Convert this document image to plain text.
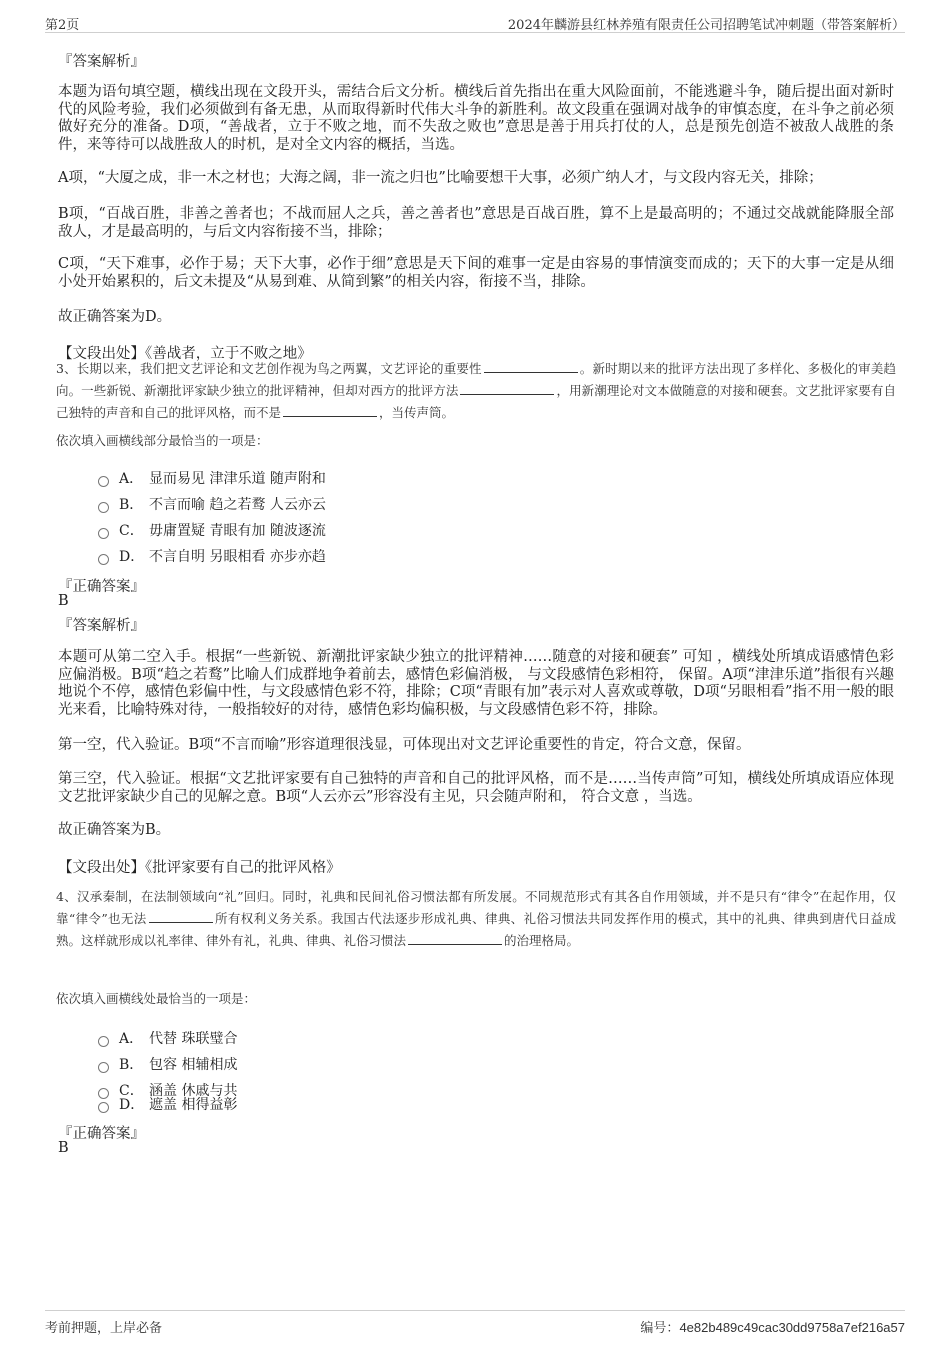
第2页	2024年麟游县红林养殖有限责任公司招聘笔试冲刺题（带答案解析）
『答案解析』

本题为语句填空题，横线出现在文段开头，需结合后文分析。横线后首先指出在重大风险面前，不能逃避斗争，随后提出面对新时代的风险考验，我们必须做到有备无患，从而取得新时代伟大斗争的新胜利。故文段重在强调对战争的审慎态度，在斗争之前必须做好充分的准备。D项，“善战者，立于不败之地，而不失敌之败也”意思是善于用兵打仗的人，总是预先创造不被敌人战胜的条件，来等待可以战胜敌人的时机，是对全文内容的概括，当选。

A项，“大厦之成，非一木之材也；大海之阔，非一流之归也”比喻要想干大事，必须广纳人才，与文段内容无关，排除；

B项，“百战百胜，非善之善者也；不战而屈人之兵，善之善者也”意思是百战百胜，算不上是最高明的；不通过交战就能降服全部敌人，才是最高明的，与后文内容衔接不当，排除；

C项，“天下难事，必作于易；天下大事，必作于细”意思是天下间的难事一定是由容易的事情演变而成的；天下的大事一定是从细小处开始累积的，后文未提及“从易到难、从简到繁”的相关内容，衔接不当，排除。

故正确答案为D。

【文段出处】《善战者，立于不败之地》

3、长期以来，我们把文艺评论和文艺创作视为鸟之两翼，文艺评论的重要性	。新时期以来的批评方法出现了多样化、多极化的审美趋向。一些新锐、新潮批评家缺少独立的批评精神，但却对西方的批评方法	，用新潮理论对文本做随意的对接和硬套。文艺批评家要有自己独特的声音和自己的批评风格，而不是	，当传声筒。

依次填入画横线部分最恰当的一项是：
A． 显而易见 津津乐道 随声附和
B． 不言而喻 趋之若鹜 人云亦云
C． 毋庸置疑 青眼有加 随波逐流
D． 不言自明 另眼相看 亦步亦趋
『正确答案』
B
『答案解析』

本题可从第二空入手。根据“一些新锐、新潮批评家缺少独立的批评精神……随意的对接和硬套” 可知 ，横线处所填成语感情色彩应偏消极。B项“趋之若鹜”比喻人们成群地争着前去，感情色彩偏消极， 与文段感情色彩相符， 保留。A项“津津乐道”指很有兴趣地说个不停，感情色彩偏中性，与文段感情色彩不符，排除；C项“青眼有加”表示对人喜欢或尊敬，D项“另眼相看”指不用一般的眼光来看，比喻特殊对待，一般指较好的对待，感情色彩均偏积极，与文段感情色彩不符，排除。

第一空，代入验证。B项“不言而喻”形容道理很浅显，可体现出对文艺评论重要性的肯定，符合文意，保留。

第三空，代入验证。根据“文艺批评家要有自己独特的声音和自己的批评风格，而不是……当传声筒”可知，横线处所填成语应体现文艺批评家缺少自己的见解之意。B项“人云亦云”形容没有主见，只会随声附和， 符合文意 ，当选。

故正确答案为B。

【文段出处】《批评家要有自己的批评风格》

4、汉承秦制，在法制领域向“礼”回归。同时，礼典和民间礼俗习惯法都有所发展。不同规范形式有其各自作用领域，并不是只有“律令”在起作用，仅靠“律令”也无法	所有权利义务关系。我国古代法逐步形成礼典、律典、礼俗习惯法共同发挥作用的模式，其中的礼典、律典到唐代日益成熟。这样就形成以礼率律、律外有礼，礼典、律典、礼俗习惯法	的治理格局。

依次填入画横线处最恰当的一项是：
A． 代替 珠联璧合
B． 包容 相辅相成
C． 涵盖 休戚与共
D． 遮盖 相得益彰
『正确答案』
B
考前押题，上岸必备	编号：4e82b489c49cac30dd9758a7ef216a57
